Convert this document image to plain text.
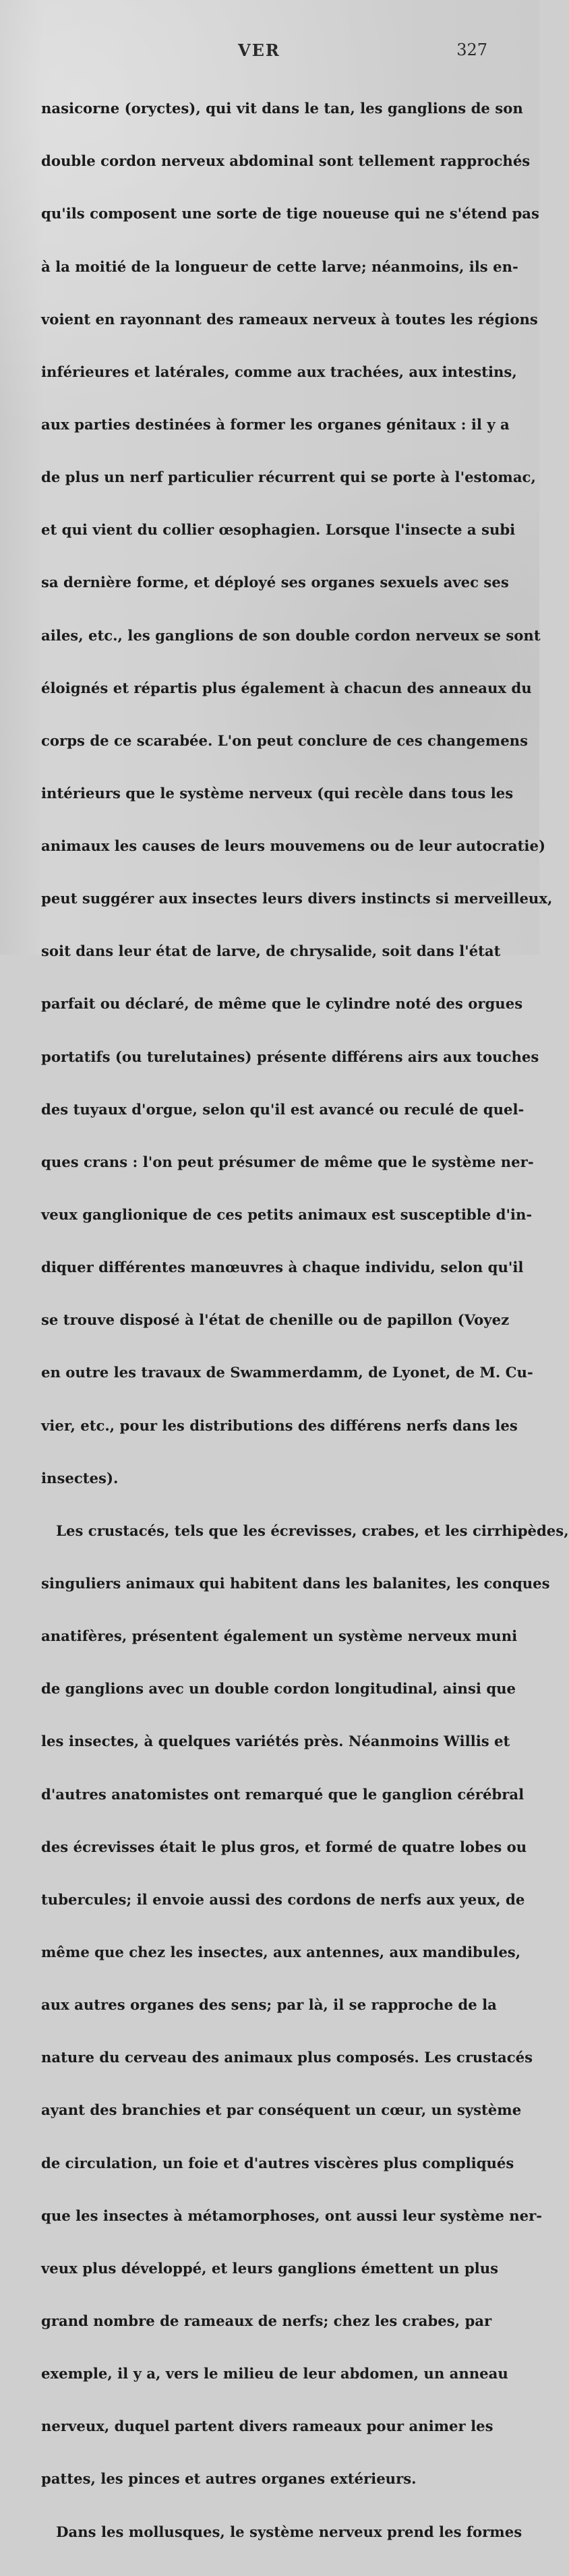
VER	327

nasicorne (oryctes), qui vit dans le tan, les ganglions de son

double cordon nerveux abdominal sont tellement rapprochés

qu'ils composent une sorte de tige noueuse qui ne s'étend pas

à la moitié de la longueur de cette larve; néanmoins, ils en-

voient en rayonnant des rameaux nerveux à toutes les régions

inférieures et latérales, comme aux trachées, aux intestins,

aux parties destinées à former les organes génitaux : il y a

de plus un nerf particulier récurrent qui se porte à l'estomac,

et qui vient du collier œsophagien. Lorsque l'insecte a subi

sa dernière forme, et déployé ses organes sexuels avec ses

ailes, etc., les ganglions de son double cordon nerveux se sont

éloignés et répartis plus également à chacun des anneaux du

corps de ce scarabée. L'on peut conclure de ces changemens

intérieurs que le système nerveux (qui recèle dans tous les

animaux les causes de leurs mouvemens ou de leur autocratie)

peut suggérer aux insectes leurs divers instincts si merveilleux,

soit dans leur état de larve, de chrysalide, soit dans l'état

parfait ou déclaré, de même que le cylindre noté des orgues

portatifs (ou turelutaines) présente différens airs aux touches

des tuyaux d'orgue, selon qu'il est avancé ou reculé de quel-

ques crans : l'on peut présumer de même que le système ner-

veux ganglionique de ces petits animaux est susceptible d'in-

diquer différentes manœuvres à chaque individu, selon qu'il

se trouve disposé à l'état de chenille ou de papillon (Voyez

en outre les travaux de Swammerdamm, de Lyonet, de M. Cu-

vier, etc., pour les distributions des différens nerfs dans les

insectes).

Les crustacés, tels que les écrevisses, crabes, et les cirrhipèdes,

singuliers animaux qui habitent dans les balanites, les conques

anatifères, présentent également un système nerveux muni

de ganglions avec un double cordon longitudinal, ainsi que

les insectes, à quelques variétés près. Néanmoins Willis et

d'autres anatomistes ont remarqué que le ganglion cérébral

des écrevisses était le plus gros, et formé de quatre lobes ou

tubercules; il envoie aussi des cordons de nerfs aux yeux, de

même que chez les insectes, aux antennes, aux mandibules,

aux autres organes des sens; par là, il se rapproche de la

nature du cerveau des animaux plus composés. Les crustacés

ayant des branchies et par conséquent un cœur, un système

de circulation, un foie et d'autres viscères plus compliqués

que les insectes à métamorphoses, ont aussi leur système ner-

veux plus développé, et leurs ganglions émettent un plus

grand nombre de rameaux de nerfs; chez les crabes, par

exemple, il y a, vers le milieu de leur abdomen, un anneau

nerveux, duquel partent divers rameaux pour animer les

pattes, les pinces et autres organes extérieurs.

Dans les mollusques, le système nerveux prend les formes
